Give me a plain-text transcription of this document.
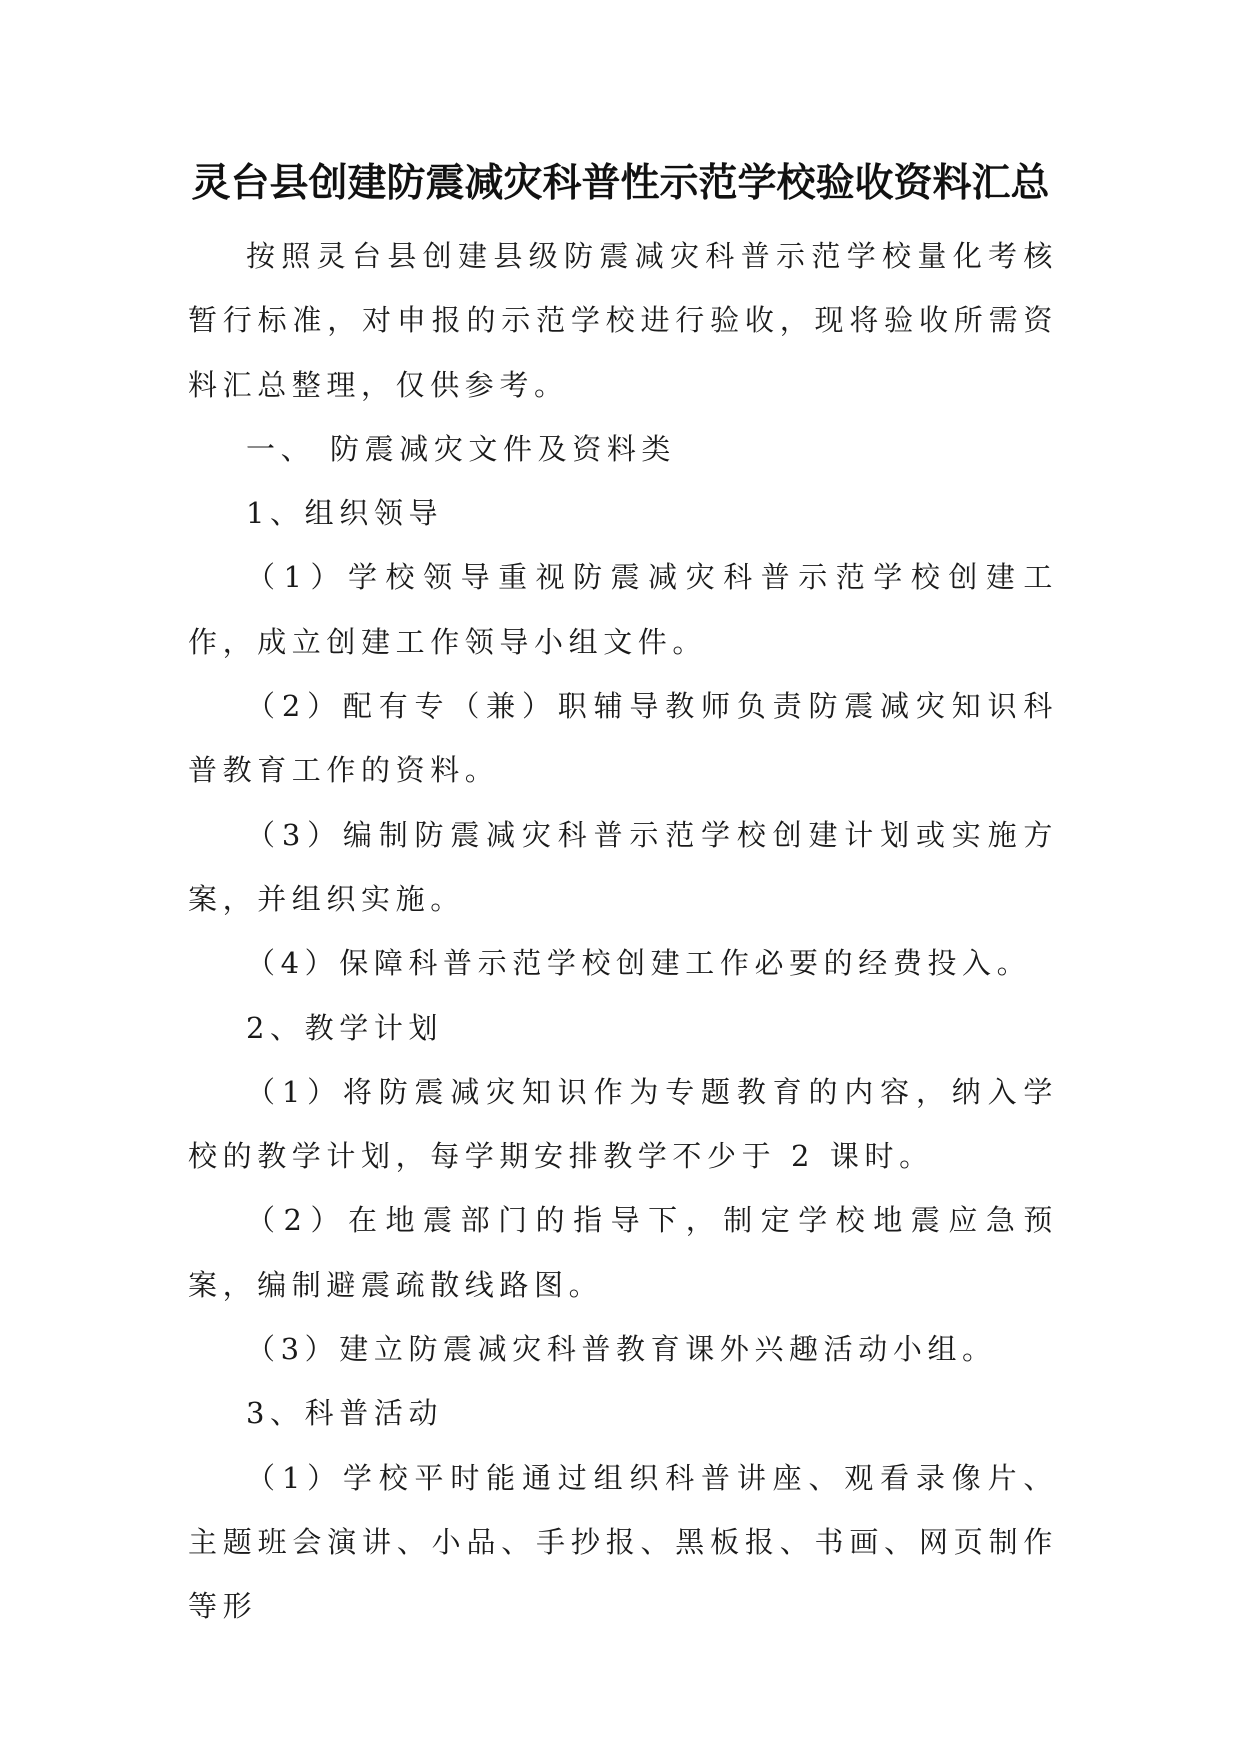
灵台县创建防震减灾科普性示范学校验收资料汇总

按照灵台县创建县级防震减灾科普示范学校量化考核暂行标准，对申报的示范学校进行验收，现将验收所需资料汇总整理，仅供参考。

一、 防震减灾文件及资料类

1、组织领导

（1）学校领导重视防震减灾科普示范学校创建工作，成立创建工作领导小组文件。

（2）配有专（兼）职辅导教师负责防震减灾知识科普教育工作的资料。

（3）编制防震减灾科普示范学校创建计划或实施方案，并组织实施。

（4）保障科普示范学校创建工作必要的经费投入。

2、教学计划

（1）将防震减灾知识作为专题教育的内容，纳入学校的教学计划，每学期安排教学不少于 2 课时。

（2）在地震部门的指导下，制定学校地震应急预案，编制避震疏散线路图。

（3）建立防震减灾科普教育课外兴趣活动小组。

3、科普活动

（1）学校平时能通过组织科普讲座、观看录像片、主题班会演讲、小品、手抄报、黑板报、书画、网页制作等形
